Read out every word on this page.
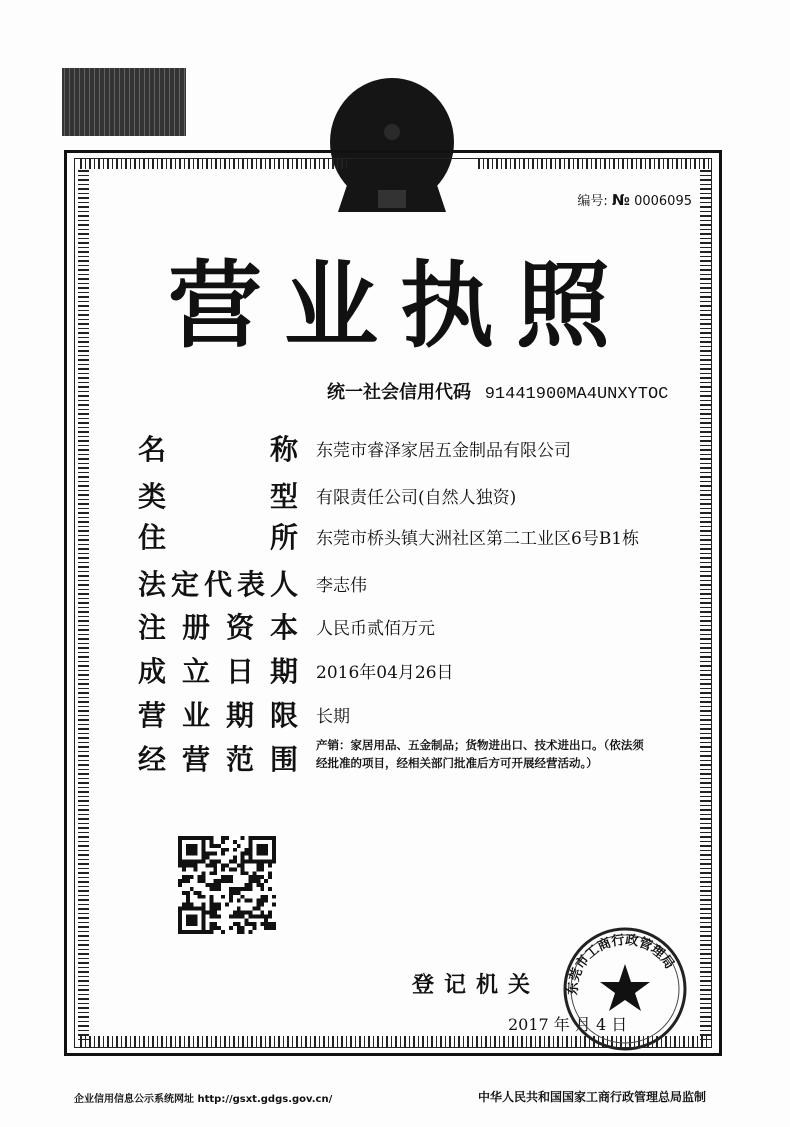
编号: № 0006095
营业执照
统一社会信用代码 91441900MA4UNXYTOC
名	称 东莞市睿泽家居五金制品有限公司
类	型 有限责任公司(自然人独资)
住	所 东莞市桥头镇大洲社区第二工业区6号B1栋
法 定 代 表 人 李志伟
注 册 资 本 人民币贰佰万元
成 立 日 期 2016年04月26日
营 业 期 限 长期
经 营 范 围 产销：家居用品、五金制品；货物进出口、技术进出口。（依法须
经批准的项目，经相关部门批准后方可开展经营活动。）
登记机关
2017 年 月 4 日
东莞市工商行政管理局
企业信用信息公示系统网址 http://gsxt.gdgs.gov.cn/	中华人民共和国国家工商行政管理总局监制
